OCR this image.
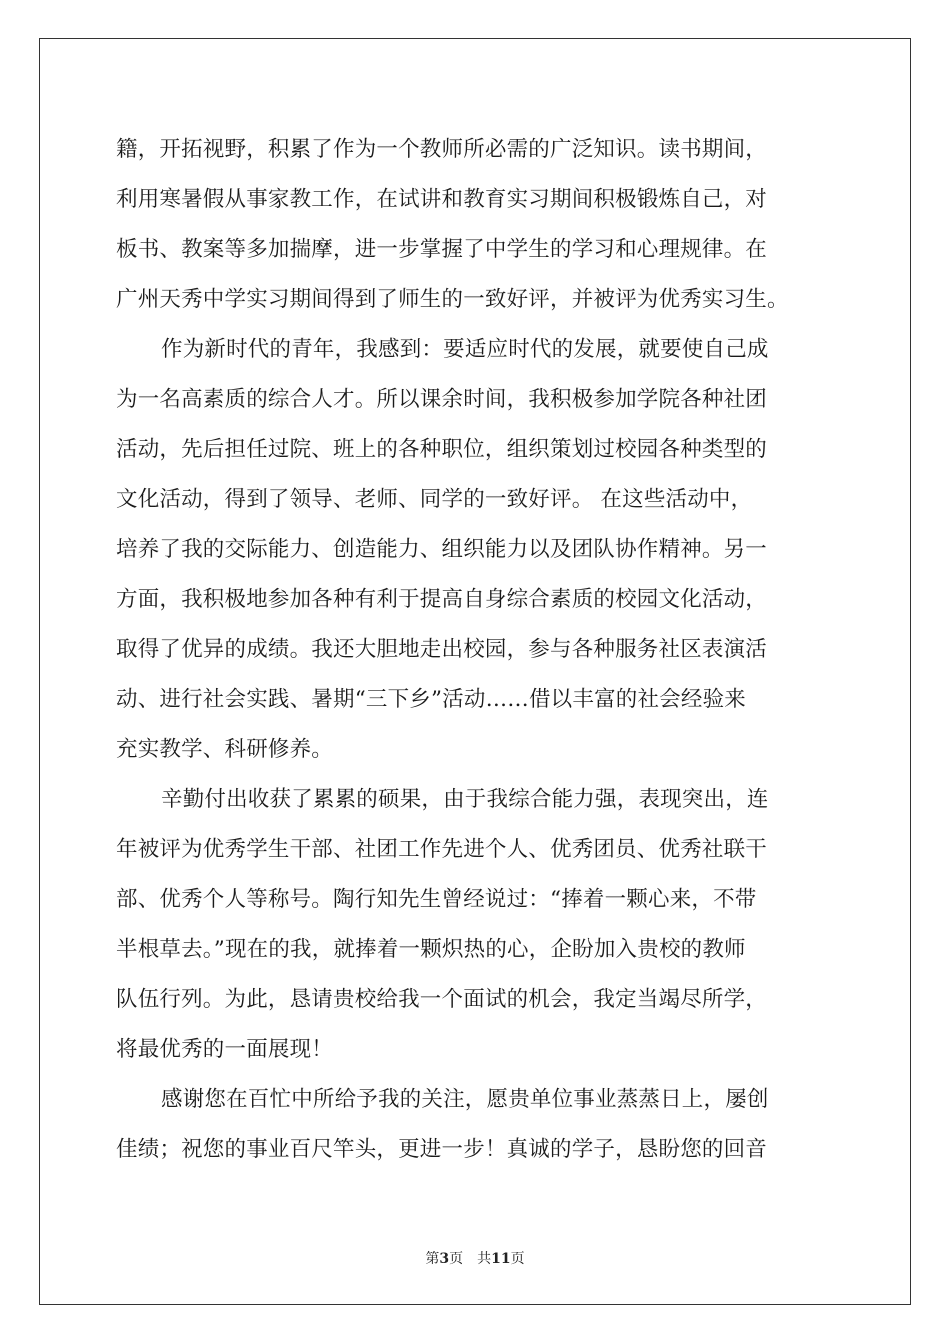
籍，开拓视野，积累了作为一个教师所必需的广泛知识。读书期间，
利用寒暑假从事家教工作，在试讲和教育实习期间积极锻炼自己，对
板书、教案等多加揣摩，进一步掌握了中学生的学习和心理规律。在
广州天秀中学实习期间得到了师生的一致好评，并被评为优秀实习生。
作为新时代的青年，我感到：要适应时代的发展，就要使自己成
为一名高素质的综合人才。所以课余时间，我积极参加学院各种社团
活动，先后担任过院、班上的各种职位，组织策划过校园各种类型的
文化活动，得到了领导、老师、同学的一致好评。 在这些活动中，
培养了我的交际能力、创造能力、组织能力以及团队协作精神。另一
方面，我积极地参加各种有利于提高自身综合素质的校园文化活动，
取得了优异的成绩。我还大胆地走出校园，参与各种服务社区表演活
动、进行社会实践、暑期“三下乡”活动……借以丰富的社会经验来
充实教学、科研修养。
辛勤付出收获了累累的硕果，由于我综合能力强，表现突出，连
年被评为优秀学生干部、社团工作先进个人、优秀团员、优秀社联干
部、优秀个人等称号。陶行知先生曾经说过：“捧着一颗心来，不带
半根草去。”现在的我，就捧着一颗炽热的心，企盼加入贵校的教师
队伍行列。为此，恳请贵校给我一个面试的机会，我定当竭尽所学，
将最优秀的一面展现！
感谢您在百忙中所给予我的关注，愿贵单位事业蒸蒸日上，屡创
佳绩；祝您的事业百尺竿头，更进一步！真诚的学子，恳盼您的回音
第3页 共11页
